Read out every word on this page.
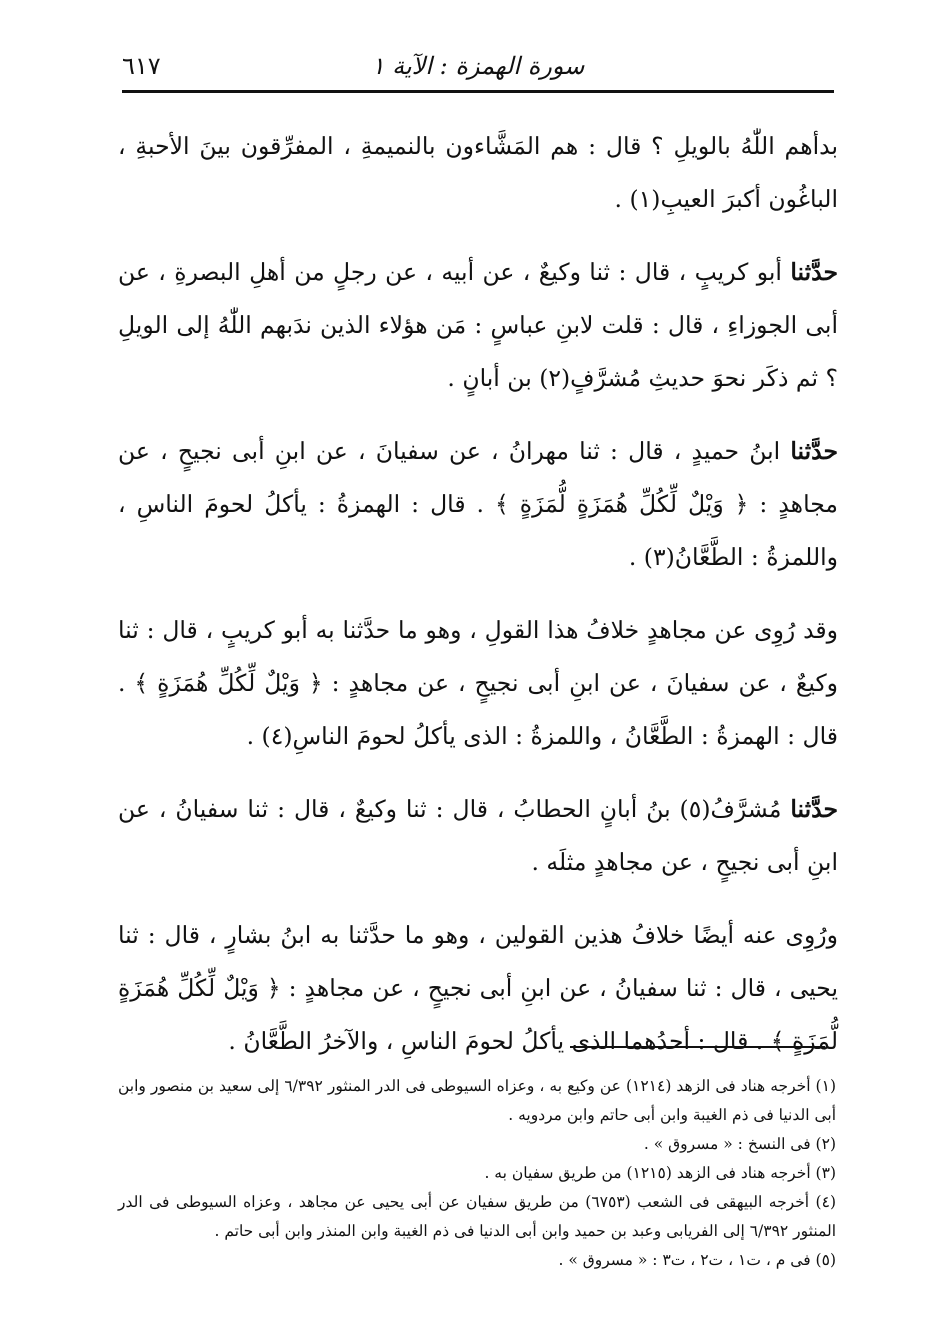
٦١٧	سورة الهمزة : الآية ١

بدأهم اللّٰهُ بالويلِ ؟ قال : هم المَشَّاءون بالنميمةِ ، المفرِّقون بينَ الأحبةِ ، الباغُون أكبرَ العيبِ(١) .

حدَّثنا أبو كريبٍ ، قال : ثنا وكيعٌ ، عن أبيه ، عن رجلٍ من أهلِ البصرةِ ، عن أبى الجوزاءِ ، قال : قلت لابنِ عباسٍ : مَن هؤلاء الذين ندَبهم اللّٰهُ إلى الويلِ ؟ ثم ذكَر نحوَ حديثِ مُشرَّفٍ(٢) بن أبانٍ .

حدَّثنا ابنُ حميدٍ ، قال : ثنا مهرانُ ، عن سفيانَ ، عن ابنِ أبى نجيحٍ ، عن مجاهدٍ : ﴿ وَيْلٌ لِّكُلِّ هُمَزَةٍ لُّمَزَةٍ ﴾ . قال : الهمزةُ : يأكلُ لحومَ الناسِ ، واللمزةُ : الطَّعَّانُ(٣) .

وقد رُوِى عن مجاهدٍ خلافُ هذا القولِ ، وهو ما حدَّثنا به أبو كريبٍ ، قال : ثنا وكيعٌ ، عن سفيانَ ، عن ابنِ أبى نجيحٍ ، عن مجاهدٍ : ﴿ وَيْلٌ لِّكُلِّ هُمَزَةٍ ﴾ . قال : الهمزةُ : الطَّعَّانُ ، واللمزةُ : الذى يأكلُ لحومَ الناسِ(٤) .

حدَّثنا مُشرَّفُ(٥) بنُ أبانٍ الحطابُ ، قال : ثنا وكيعٌ ، قال : ثنا سفيانُ ، عن ابنِ أبى نجيحٍ ، عن مجاهدٍ مثلَه .

ورُوِى عنه أيضًا خلافُ هذين القولين ، وهو ما حدَّثنا به ابنُ بشارٍ ، قال : ثنا يحيى ، قال : ثنا سفيانُ ، عن ابنِ أبى نجيحٍ ، عن مجاهدٍ : ﴿ وَيْلٌ لِّكُلِّ هُمَزَةٍ لُّمَزَةٍ ﴾ . قال : أحدُهما الذى يأكلُ لحومَ الناسِ ، والآخرُ الطَّعَّانُ .

(١) أخرجه هناد فى الزهد (١٢١٤) عن وكيع به ، وعزاه السيوطى فى الدر المنثور ٦/٣٩٢ إلى سعيد بن منصور وابن أبى الدنيا فى ذم الغيبة وابن أبى حاتم وابن مردويه .

(٢) فى النسخ : « مسروق » .

(٣) أخرجه هناد فى الزهد (١٢١٥) من طريق سفيان به .

(٤) أخرجه البيهقى فى الشعب (٦٧٥٣) من طريق سفيان عن أبى يحيى عن مجاهد ، وعزاه السيوطى فى الدر المنثور ٦/٣٩٢ إلى الفريابى وعبد بن حميد وابن أبى الدنيا فى ذم الغيبة وابن المنذر وابن أبى حاتم .

(٥) فى م ، ت١ ، ت٢ ، ت٣ : « مسروق » .
